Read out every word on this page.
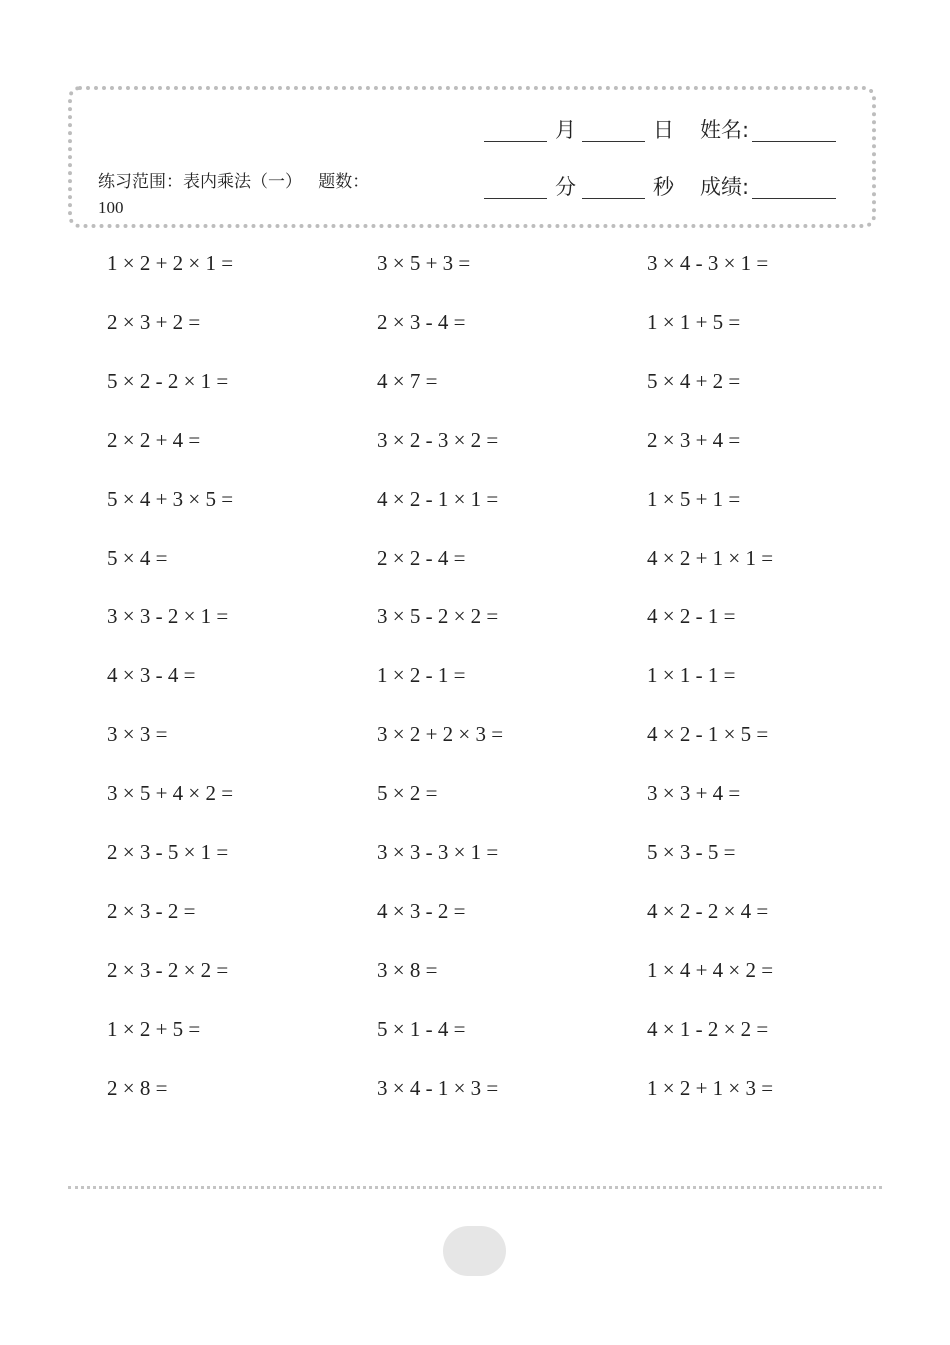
练习范围：表内乘法（一） 题数：100
月	日 姓名 :
分	秒 成绩 :
1 × 2 + 2 × 1 =
2 × 3 + 2 =
5 × 2 - 2 × 1 =
2 × 2 + 4 =
5 × 4 + 3 × 5 =
5 × 4 =
3 × 3 - 2 × 1 =
4 × 3 - 4 =
3 × 3 =
3 × 5 + 4 × 2 =
2 × 3 - 5 × 1 =
2 × 3 - 2 =
2 × 3 - 2 × 2 =
1 × 2 + 5 =
2 × 8 =
3 × 5 + 3 =
2 × 3 - 4 =
4 × 7 =
3 × 2 - 3 × 2 =
4 × 2 - 1 × 1 =
2 × 2 - 4 =
3 × 5 - 2 × 2 =
1 × 2 - 1 =
3 × 2 + 2 × 3 =
5 × 2 =
3 × 3 - 3 × 1 =
4 × 3 - 2 =
3 × 8 =
5 × 1 - 4 =
3 × 4 - 1 × 3 =
3 × 4 - 3 × 1 =
1 × 1 + 5 =
5 × 4 + 2 =
2 × 3 + 4 =
1 × 5 + 1 =
4 × 2 + 1 × 1 =
4 × 2 - 1 =
1 × 1 - 1 =
4 × 2 - 1 × 5 =
3 × 3 + 4 =
5 × 3 - 5 =
4 × 2 - 2 × 4 =
1 × 4 + 4 × 2 =
4 × 1 - 2 × 2 =
1 × 2 + 1 × 3 =
